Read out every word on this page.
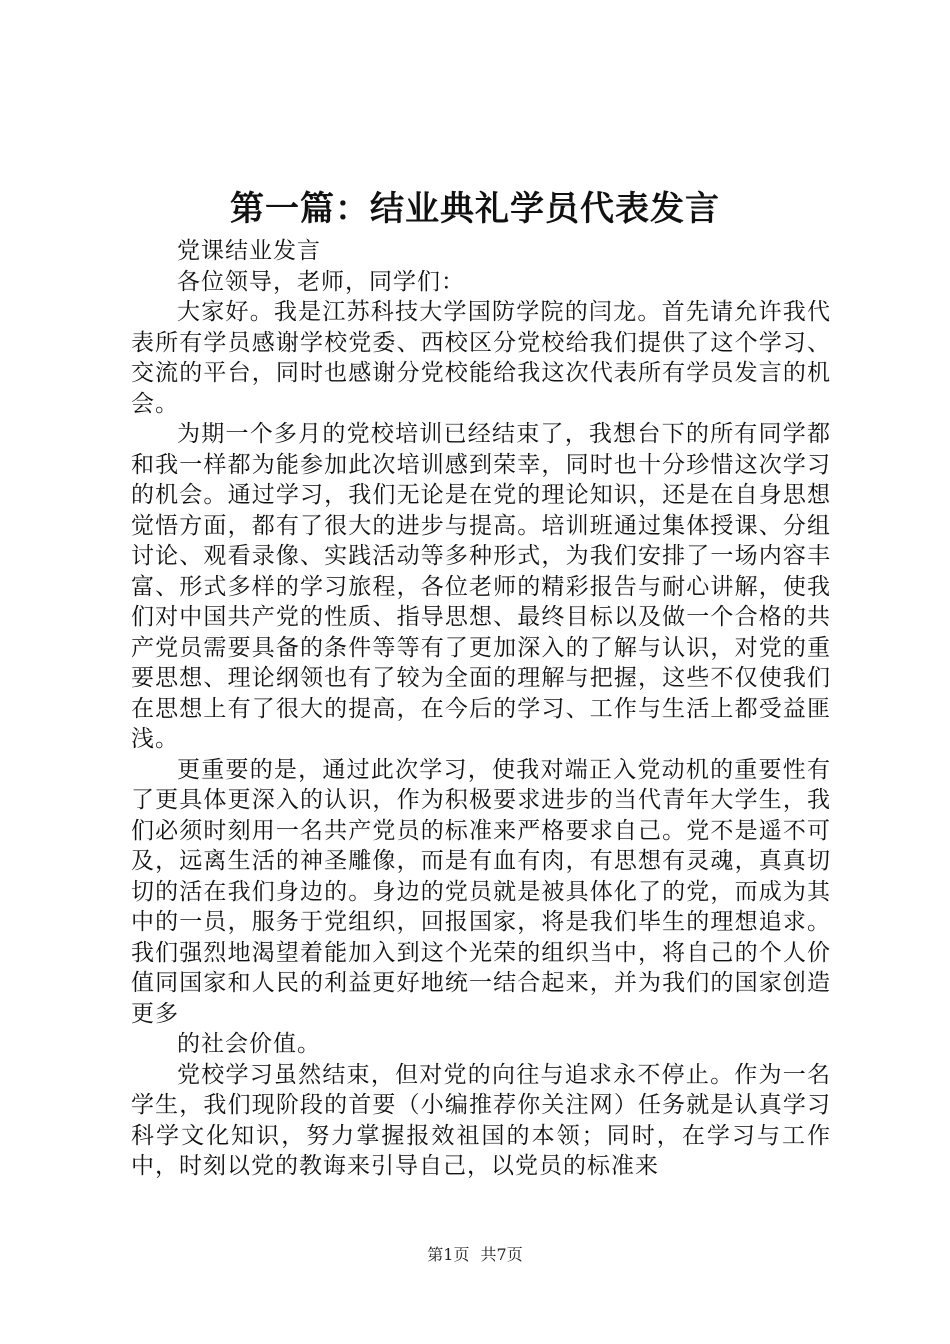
第一篇：结业典礼学员代表发言

党课结业发言

各位领导，老师，同学们：

大家好。我是江苏科技大学国防学院的闫龙。首先请允许我代表所有学员感谢学校党委、西校区分党校给我们提供了这个学习、交流的平台，同时也感谢分党校能给我这次代表所有学员发言的机会。

为期一个多月的党校培训已经结束了，我想台下的所有同学都和我一样都为能参加此次培训感到荣幸，同时也十分珍惜这次学习的机会。通过学习，我们无论是在党的理论知识，还是在自身思想觉悟方面，都有了很大的进步与提高。培训班通过集体授课、分组讨论、观看录像、实践活动等多种形式，为我们安排了一场内容丰富、形式多样的学习旅程，各位老师的精彩报告与耐心讲解，使我们对中国共产党的性质、指导思想、最终目标以及做一个合格的共产党员需要具备的条件等等有了更加深入的了解与认识，对党的重要思想、理论纲领也有了较为全面的理解与把握，这些不仅使我们在思想上有了很大的提高，在今后的学习、工作与生活上都受益匪浅。

更重要的是，通过此次学习，使我对端正入党动机的重要性有了更具体更深入的认识，作为积极要求进步的当代青年大学生，我们必须时刻用一名共产党员的标准来严格要求自己。党不是遥不可及，远离生活的神圣雕像，而是有血有肉，有思想有灵魂，真真切切的活在我们身边的。身边的党员就是被具体化了的党，而成为其中的一员，服务于党组织，回报国家，将是我们毕生的理想追求。我们强烈地渴望着能加入到这个光荣的组织当中，将自己的个人价值同国家和人民的利益更好地统一结合起来，并为我们的国家创造更多

的社会价值。

党校学习虽然结束，但对党的向往与追求永不停止。作为一名学生，我们现阶段的首要（小编推荐你关注网）任务就是认真学习科学文化知识，努力掌握报效祖国的本领；同时，在学习与工作中，时刻以党的教诲来引导自己，以党员的标准来

第1页 共7页
